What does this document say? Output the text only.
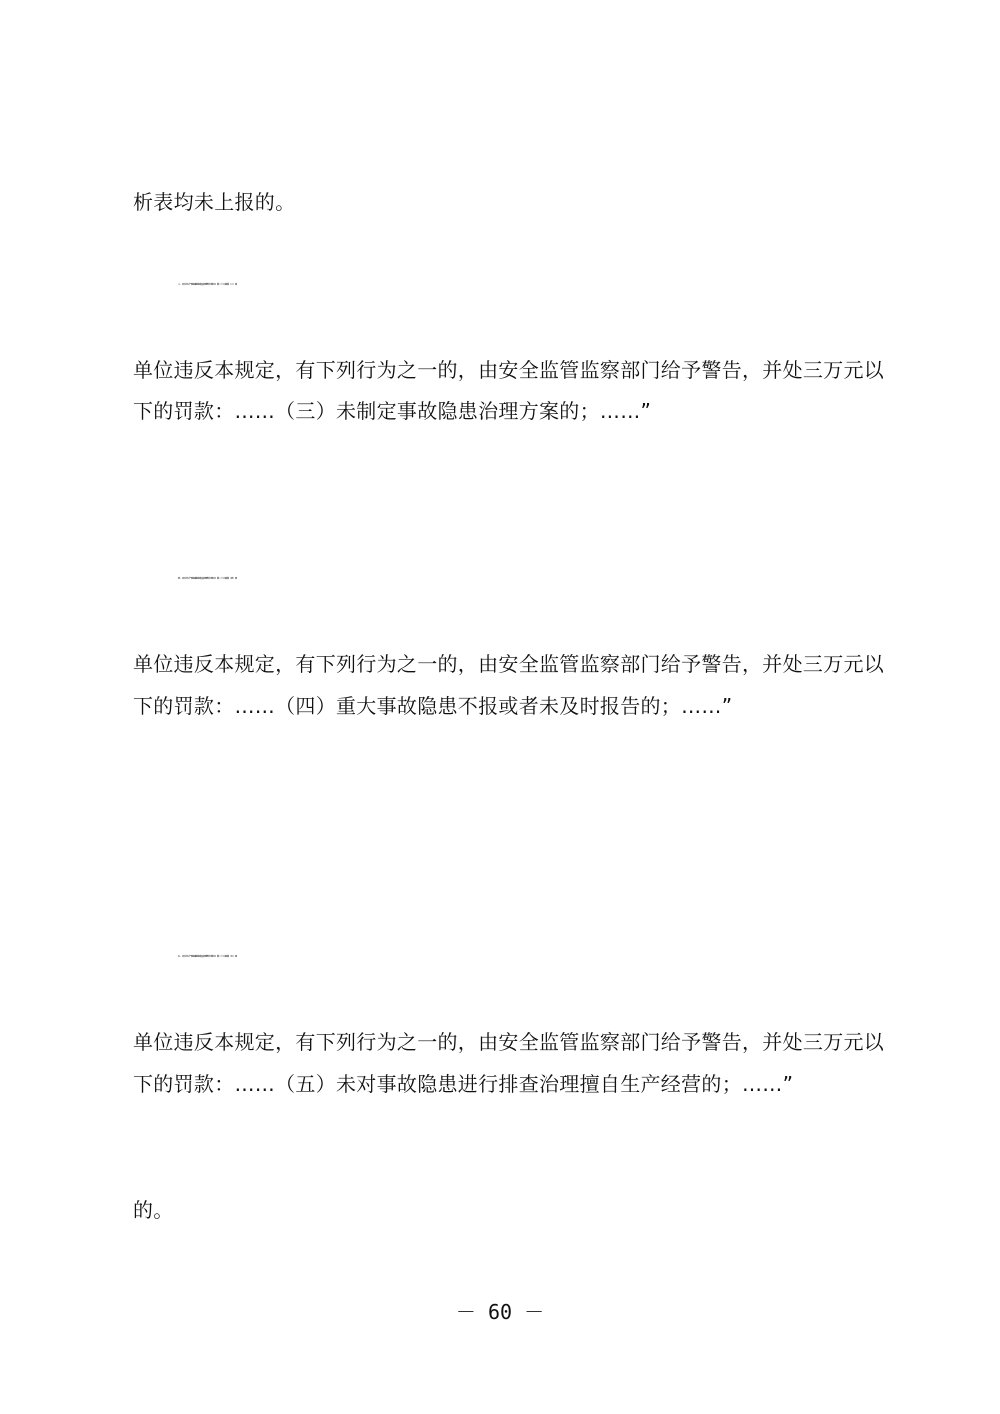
析表均未上报的。
三、《安全生产事故隐患排查治理暂行规定》第二十六条第（三）项
单位违反本规定，有下列行为之一的，由安全监管监察部门给予警告，并处三万元以
下的罚款：……（三）未制定事故隐患治理方案的；……”
四、《安全生产事故隐患排查治理暂行规定》第二十六条第（四）项
单位违反本规定，有下列行为之一的，由安全监管监察部门给予警告，并处三万元以
下的罚款：……（四）重大事故隐患不报或者未及时报告的；……”
五、《安全生产事故隐患排查治理暂行规定》第二十六条第（五）项
单位违反本规定，有下列行为之一的，由安全监管监察部门给予警告，并处三万元以
下的罚款：……（五）未对事故隐患进行排查治理擅自生产经营的；……”
的。
－ 60 －
